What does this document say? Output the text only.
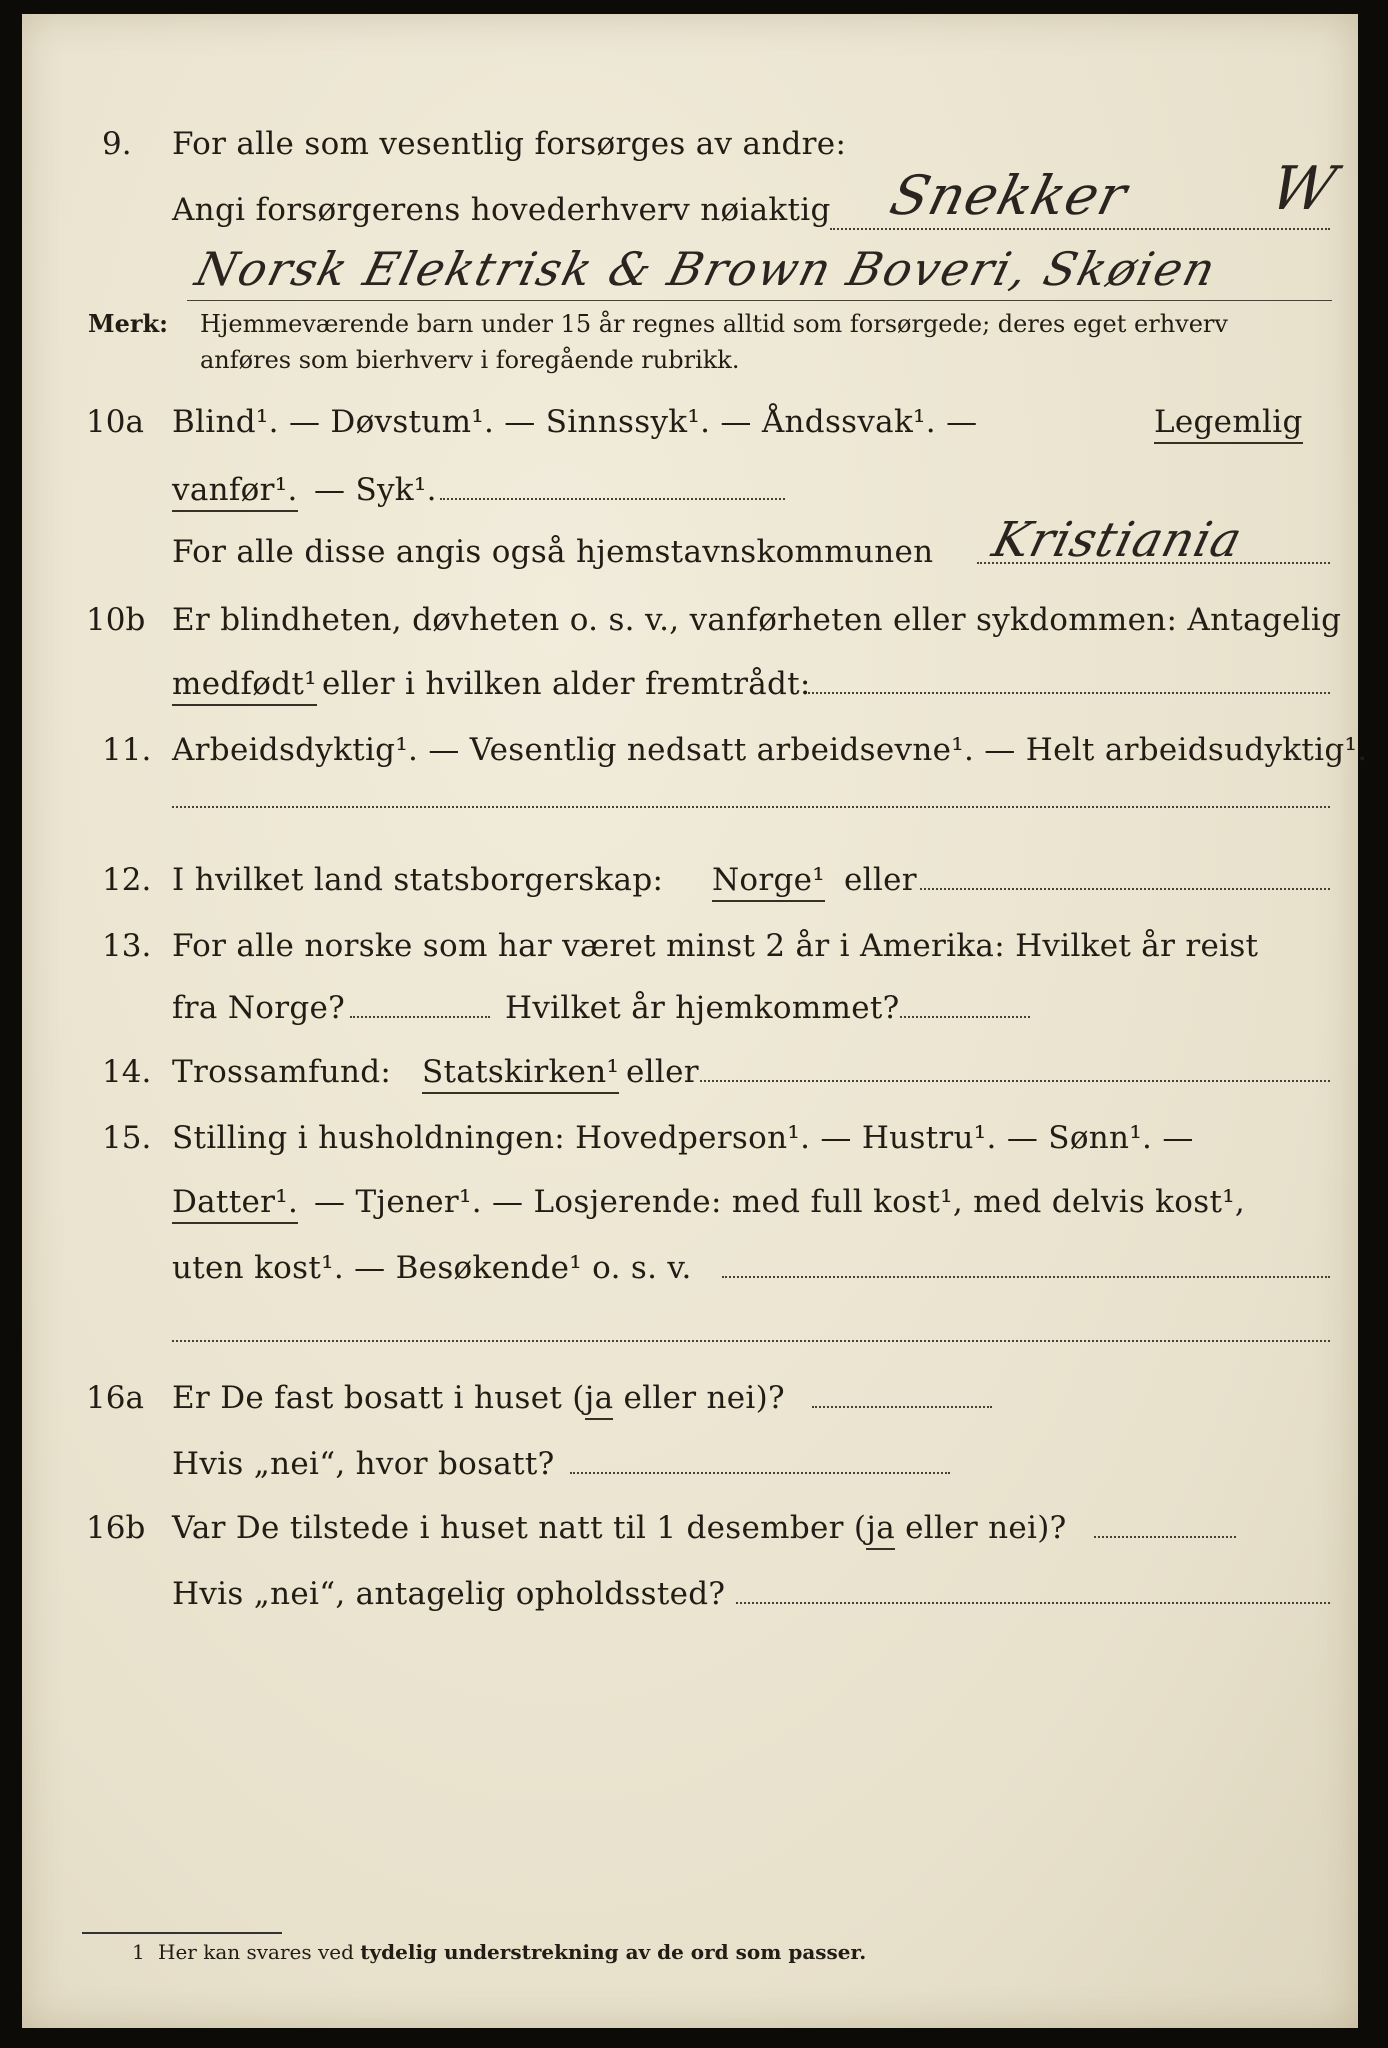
9. For alle som vesentlig forsørges av andre:
Angi forsørgerens hovederhverv nøiaktig Snekker W
Norsk Elektrisk & Brown Boveri, Skøien
Merk: Hjemmeværende barn under 15 år regnes alltid som forsørgede; deres eget erhverv
anføres som bierhverv i foregående rubrikk.
10a Blind¹. — Døvstum¹. — Sinnssyk¹. — Åndssvak¹. —	Legemlig
vanfør¹. — Syk¹.
For alle disse angis også hjemstavnskommunen Kristiania
10b Er blindheten, døvheten o. s. v., vanførheten eller sykdommen: Antagelig
medfødt¹ eller i hvilken alder fremtrådt:
11. Arbeidsdyktig¹. — Vesentlig nedsatt arbeidsevne¹. — Helt arbeidsudyktig¹.
12. I hvilket land statsborgerskap: Norge¹ eller
13. For alle norske som har været minst 2 år i Amerika: Hvilket år reist
fra Norge?	Hvilket år hjemkommet?
14. Trossamfund: Statskirken¹ eller
15. Stilling i husholdningen: Hovedperson¹. — Hustru¹. — Sønn¹. —
Datter¹. — Tjener¹. — Losjerende: med full kost¹, med delvis kost¹,
uten kost¹. — Besøkende¹ o. s. v.
16a Er De fast bosatt i huset (ja eller nei)?
Hvis „nei“, hvor bosatt?
16b Var De tilstede i huset natt til 1 desember (ja eller nei)?
Hvis „nei“, antagelig opholdssted?
1 Her kan svares ved tydelig understrekning av de ord som passer.
